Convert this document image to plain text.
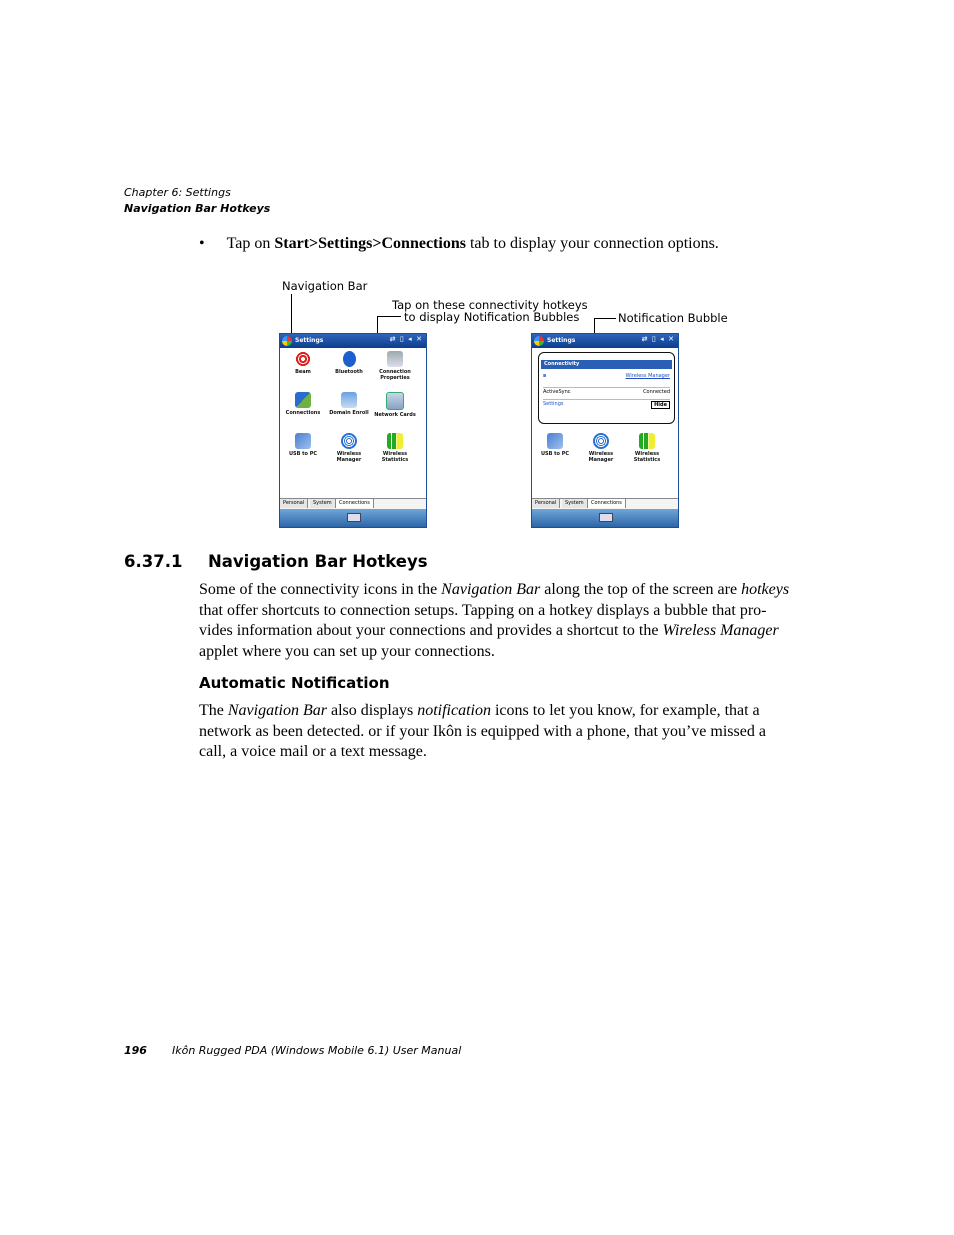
Chapter 6: Settings
Navigation Bar Hotkeys
• Tap on Start>Settings>Connections tab to display your connection options.
Navigation Bar
Tap on these connectivity hotkeys
to display Notification Bubbles	Notification Bubble
Settings	⇄ ▯ ◂ ✕
Beam	Bluetooth	Connection Properties
Connections	Domain Enroll Network Cards
USB to PC	Wireless Manager
Wireless Statistics
Personal	System	Connections
Settings	⇄ ▯ ◂ ✕
USB to PC	Wireless Manager
Wireless Statistics
Connectivity
ʙ	Wireless Manager
ActiveSync	Connected
Settings	Hide
Personal	System	Connections
6.37.1 Navigation Bar Hotkeys
Some of the connectivity icons in the Navigation Bar along the top of the screen are hotkeys
that offer shortcuts to connection setups. Tapping on a hotkey displays a bubble that pro-
vides information about your connections and provides a shortcut to the Wireless Manager
applet where you can set up your connections.
Automatic Notification
The Navigation Bar also displays notification icons to let you know, for example, that a
network as been detected. or if your Ikôn is equipped with a phone, that you’ve missed a
call, a voice mail or a text message.
196 Ikôn Rugged PDA (Windows Mobile 6.1) User Manual
